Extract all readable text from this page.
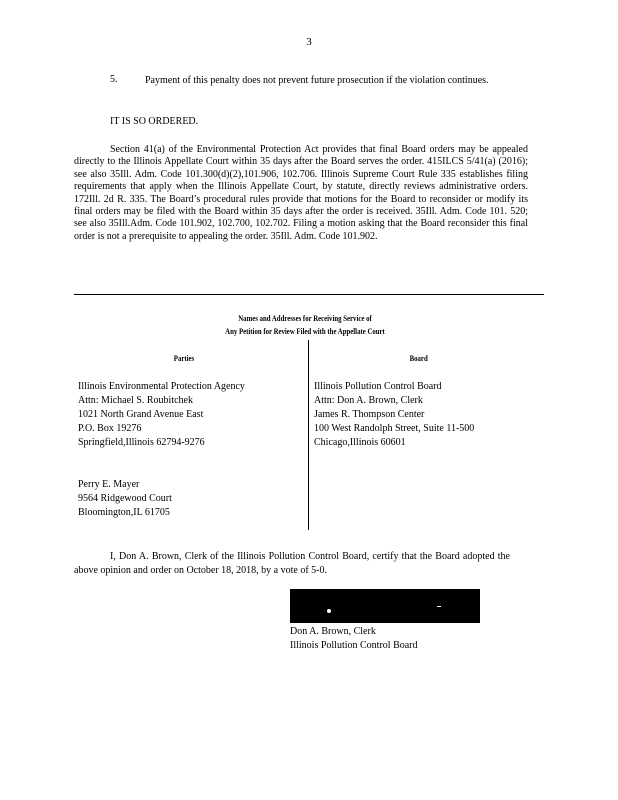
3
5.	Payment of this penalty does not prevent future prosecution if the violation continues.
IT IS SO ORDERED.
Section 41(a) of the Environmental Protection Act provides that final Board orders may be appealed directly to the Illinois Appellate Court within 35 days after the Board serves the order. 415ILCS 5/41(a) (2016); see also 35Ill. Adm. Code 101.300(d)(2),101.906, 102.706. Illinois Supreme Court Rule 335 establishes filing requirements that apply when the Illinois Appellate Court, by statute, directly reviews administrative orders. 172Ill. 2d R. 335. The Board’s procedural rules provide that motions for the Board to reconsider or modify its final orders may be filed with the Board within 35 days after the order is received. 35Ill. Adm. Code 101. 520; see also 35Ill.Adm. Code 101.902, 102.700, 102.702. Filing a motion asking that the Board reconsider this final order is not a prerequisite to appealing the order. 35Ill. Adm. Code 101.902.
Names and Addresses for Receiving Service of
Any Petition for Review Filed with the Appellate Court
Parties	Board
Illinois Environmental Protection Agency
Attn: Michael S. Roubitchek
1021 North Grand Avenue East
P.O. Box 19276
Springfield,Illinois 62794-9276
Perry E. Mayer
9564 Ridgewood Court
Bloomington,IL 61705
Illinois Pollution Control Board
Attn: Don A. Brown, Clerk
James R. Thompson Center
100 West Randolph Street, Suite 11-500
Chicago,Illinois 60601
I, Don A. Brown, Clerk of the Illinois Pollution Control Board, certify that the Board adopted the above opinion and order on October 18, 2018, by a vote of 5-0.
Don A. Brown, Clerk
Illinois Pollution Control Board
